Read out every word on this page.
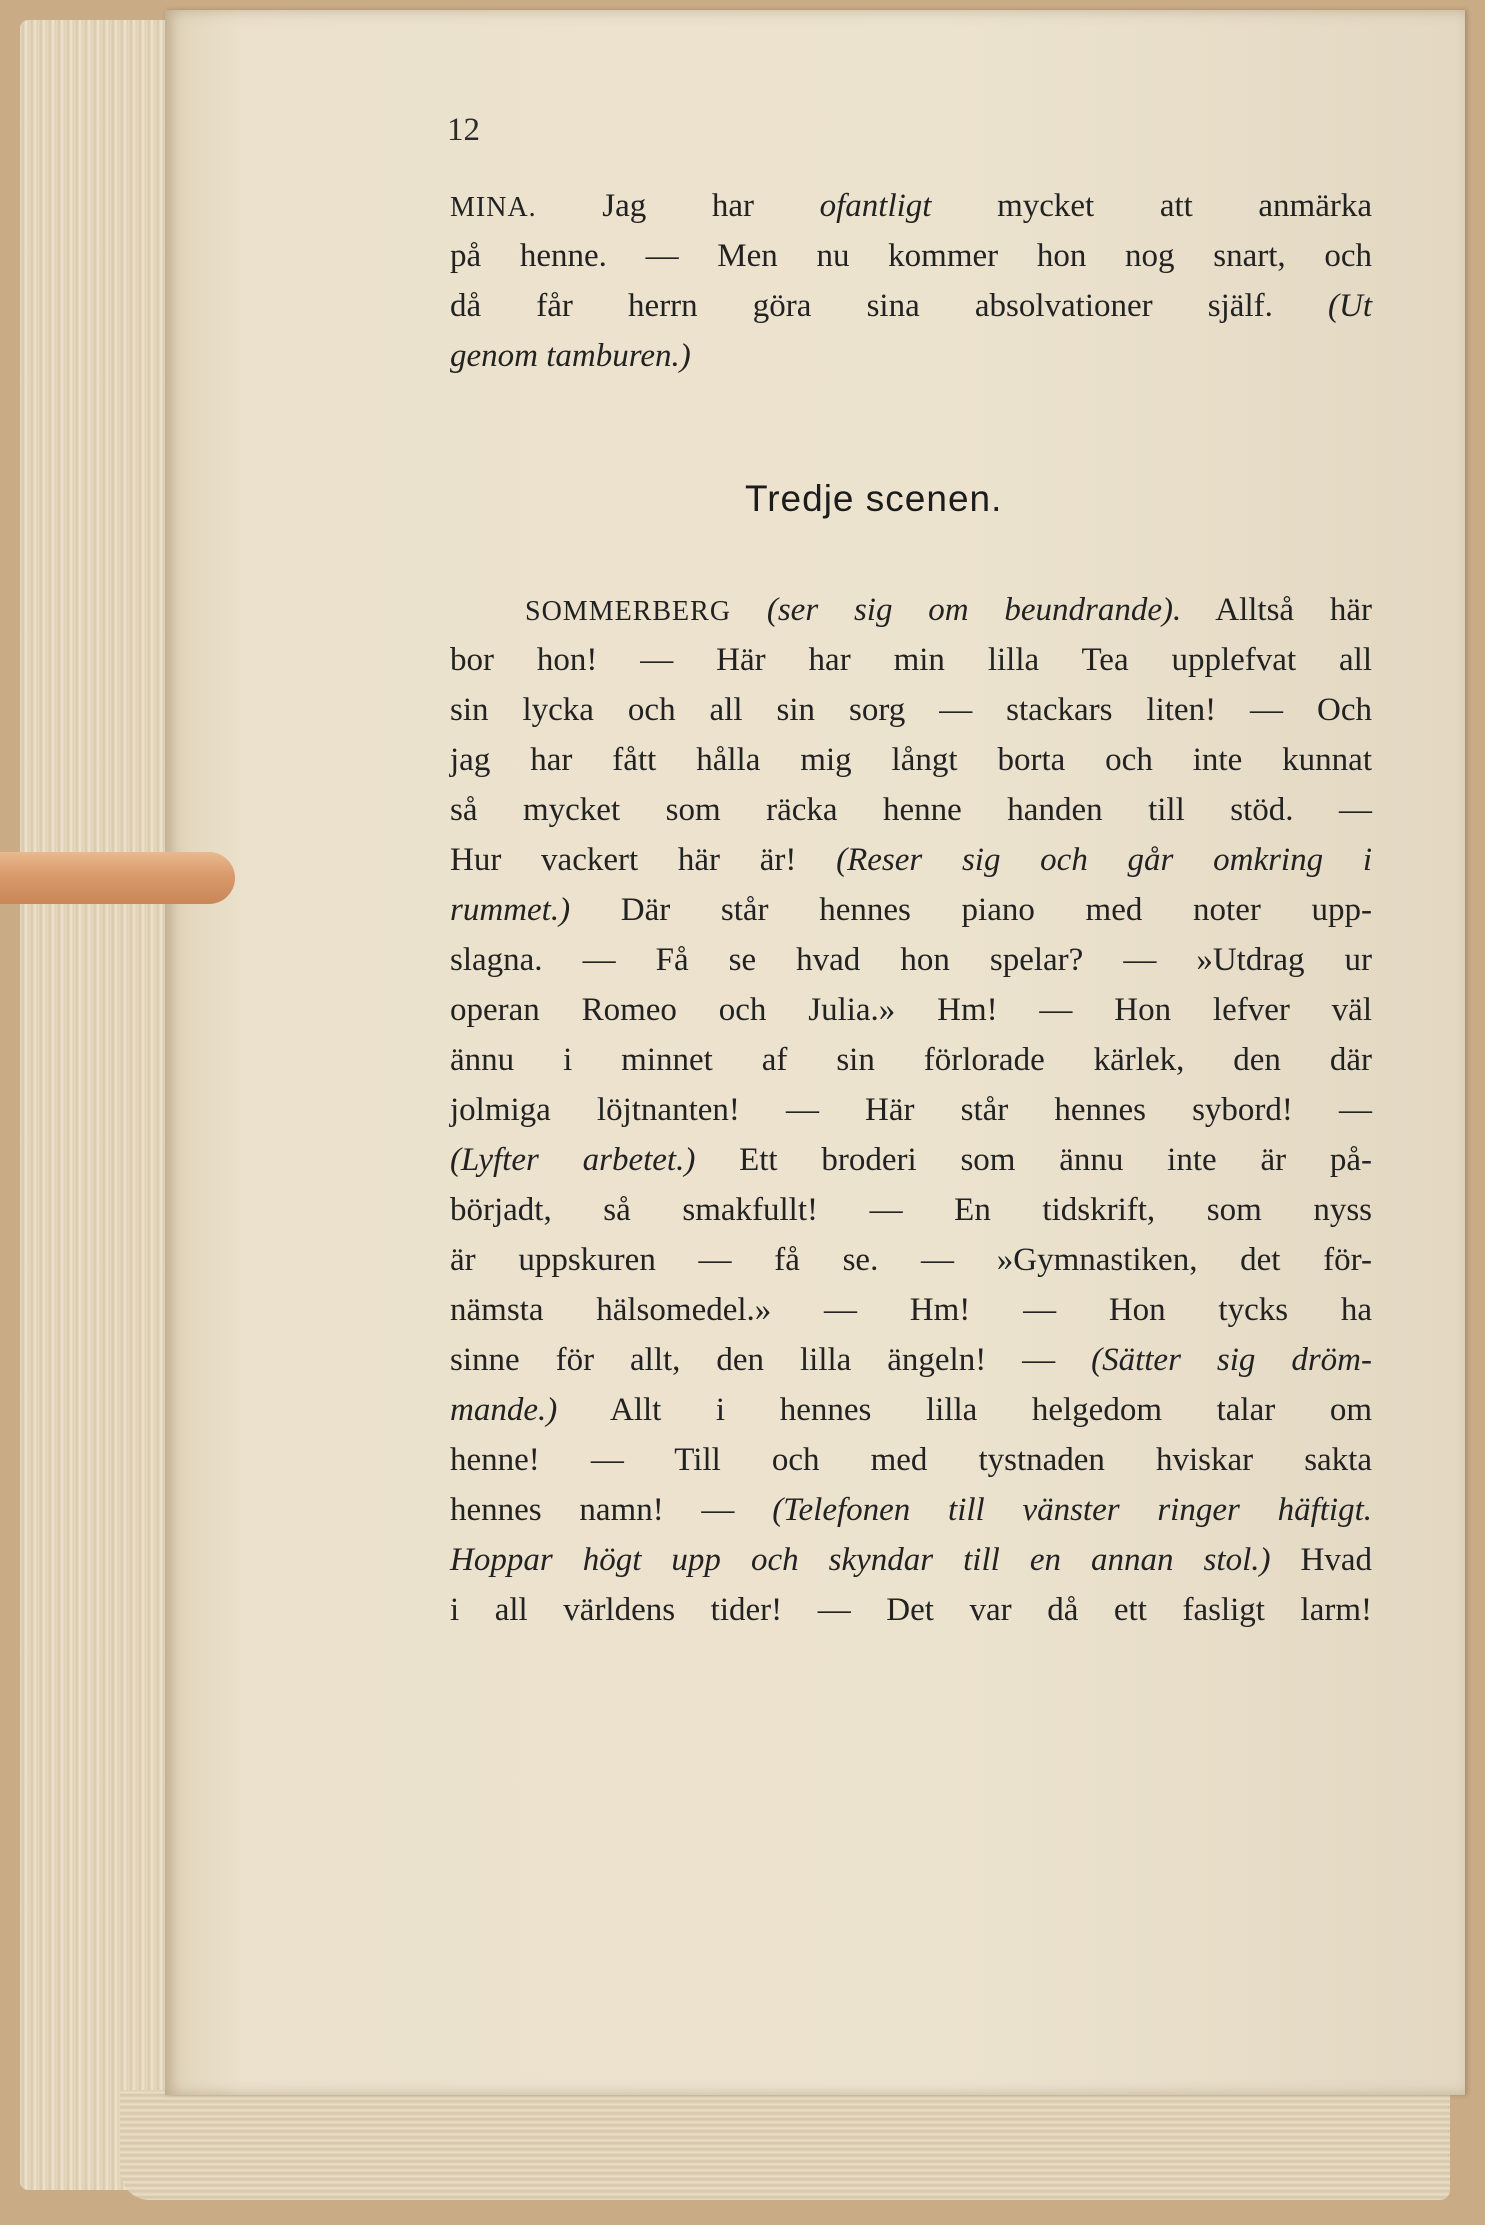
12
MINA. Jag har ofantligt mycket att anmärka
på henne. — Men nu kommer hon nog snart, och
då får herrn göra sina absolvationer själf. (Ut
genom tamburen.)
Tredje scenen.
SOMMERBERG (ser sig om beundrande). Alltså här
bor hon! — Här har min lilla Tea upplefvat all
sin lycka och all sin sorg — stackars liten! — Och
jag har fått hålla mig långt borta och inte kunnat
så mycket som räcka henne handen till stöd. —
Hur vackert här är! (Reser sig och går omkring i
rummet.) Där står hennes piano med noter upp-
slagna. — Få se hvad hon spelar? — »Utdrag ur
operan Romeo och Julia.» Hm! — Hon lefver väl
ännu i minnet af sin förlorade kärlek, den där
jolmiga löjtnanten! — Här står hennes sybord! —
(Lyfter arbetet.) Ett broderi som ännu inte är på-
börjadt, så smakfullt! — En tidskrift, som nyss
är uppskuren — få se. — »Gymnastiken, det för-
nämsta hälsomedel.» — Hm! — Hon tycks ha
sinne för allt, den lilla ängeln! — (Sätter sig dröm-
mande.) Allt i hennes lilla helgedom talar om
henne! — Till och med tystnaden hviskar sakta
hennes namn! — (Telefonen till vänster ringer häftigt.
Hoppar högt upp och skyndar till en annan stol.) Hvad
i all världens tider! — Det var då ett fasligt larm!
